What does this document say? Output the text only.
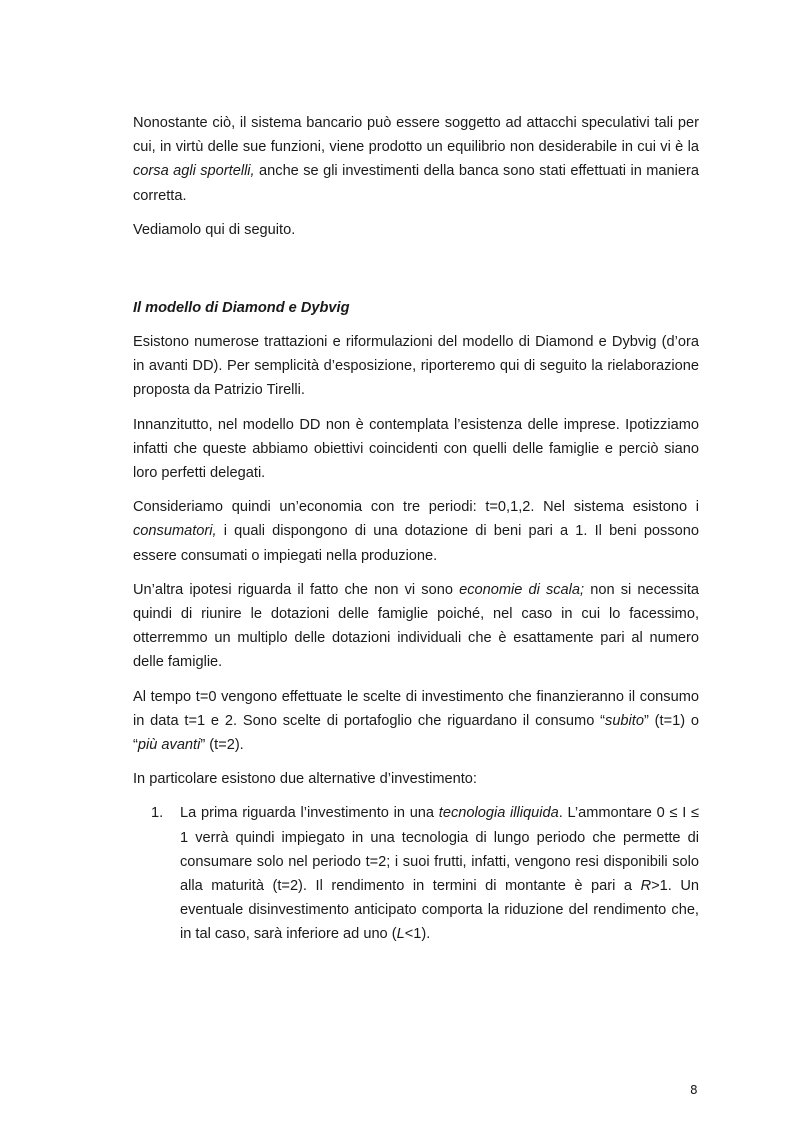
Nonostante ciò, il sistema bancario può essere soggetto ad attacchi speculativi tali per cui, in virtù delle sue funzioni, viene prodotto un equilibrio non desiderabile in cui vi è la corsa agli sportelli, anche se gli investimenti della banca sono stati effettuati in maniera corretta.

Vediamolo qui di seguito.

Il modello di Diamond e Dybvig

Esistono numerose trattazioni e riformulazioni del modello di Diamond e Dybvig (d’ora in avanti DD). Per semplicità d’esposizione, riporteremo qui di seguito la rielaborazione proposta da Patrizio Tirelli.

Innanzitutto, nel modello DD non è contemplata l’esistenza delle imprese. Ipotizziamo infatti che queste abbiamo obiettivi coincidenti con quelli delle famiglie e perciò siano loro perfetti delegati.

Consideriamo quindi un’economia con tre periodi: t=0,1,2. Nel sistema esistono i consumatori, i quali dispongono di una dotazione di beni pari a 1. Il beni possono essere consumati o impiegati nella produzione.

Un’altra ipotesi riguarda il fatto che non vi sono economie di scala; non si necessita quindi di riunire le dotazioni delle famiglie poiché, nel caso in cui lo facessimo, otterremmo un multiplo delle dotazioni individuali che è esattamente pari al numero delle famiglie.

Al tempo t=0 vengono effettuate le scelte di investimento che finanzieranno il consumo in data t=1 e 2. Sono scelte di portafoglio che riguardano il consumo “subito” (t=1) o “più avanti” (t=2).

In particolare esistono due alternative d’investimento:

1. La prima riguarda l’investimento in una tecnologia illiquida. L’ammontare 0 ≤ I ≤ 1 verrà quindi impiegato in una tecnologia di lungo periodo che permette di consumare solo nel periodo t=2; i suoi frutti, infatti, vengono resi disponibili solo alla maturità (t=2). Il rendimento in termini di montante è pari a R>1. Un eventuale disinvestimento anticipato comporta la riduzione del rendimento che, in tal caso, sarà inferiore ad uno (L<1).

8
